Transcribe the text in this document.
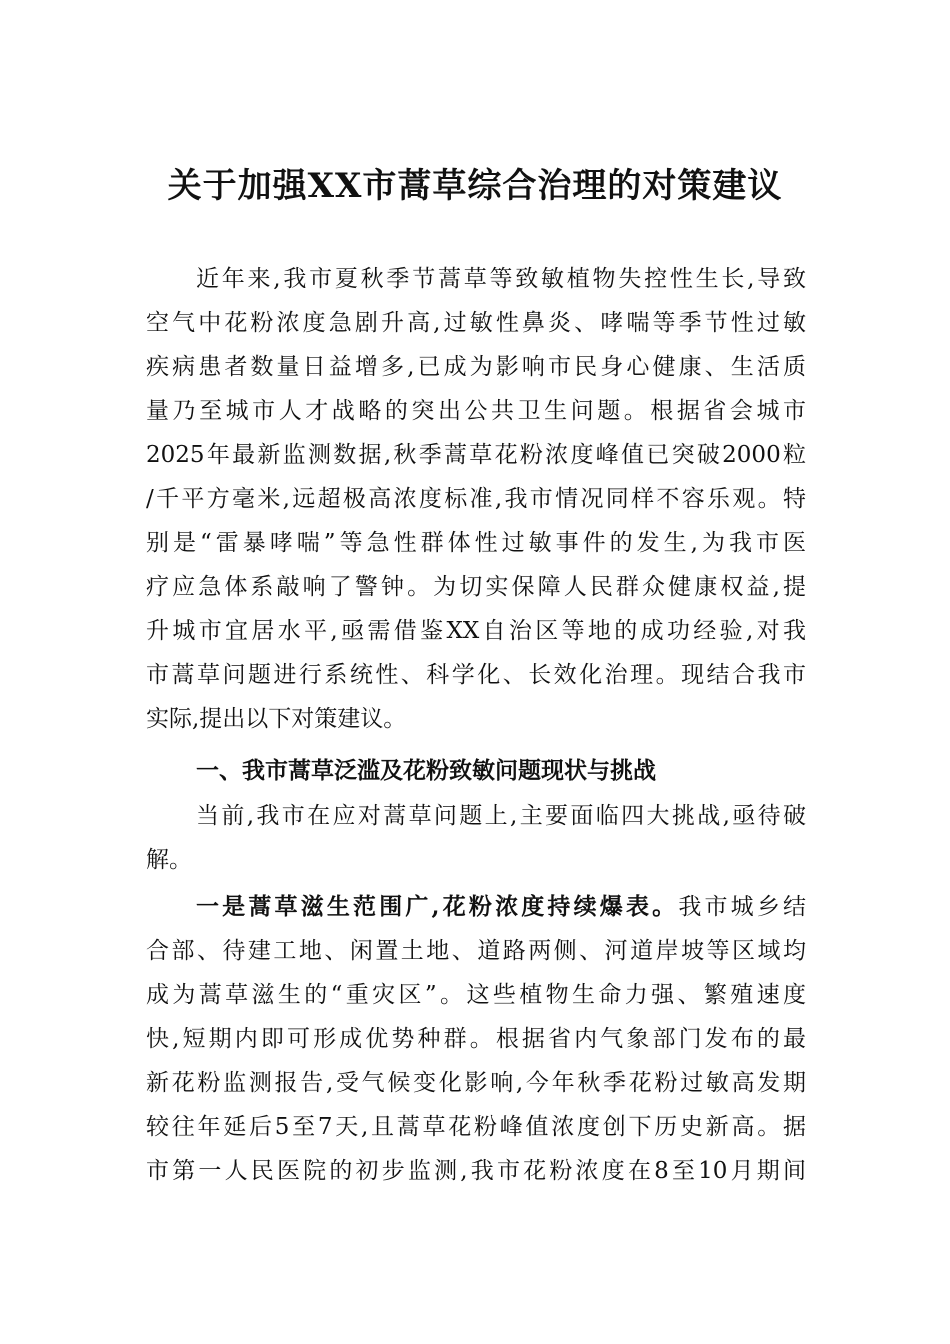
关于加强XX市蒿草综合治理的对策建议
近年来,我市夏秋季节蒿草等致敏植物失控性生长,导致
空气中花粉浓度急剧升高,过敏性鼻炎、哮喘等季节性过敏
疾病患者数量日益增多,已成为影响市民身心健康、生活质
量乃至城市人才战略的突出公共卫生问题。根据省会城市
2025年最新监测数据,秋季蒿草花粉浓度峰值已突破2000粒
/千平方毫米,远超极高浓度标准,我市情况同样不容乐观。特
别是“雷暴哮喘”等急性群体性过敏事件的发生,为我市医
疗应急体系敲响了警钟。为切实保障人民群众健康权益,提
升城市宜居水平,亟需借鉴XX自治区等地的成功经验,对我
市蒿草问题进行系统性、科学化、长效化治理。现结合我市
实际,提出以下对策建议。
一、我市蒿草泛滥及花粉致敏问题现状与挑战
当前,我市在应对蒿草问题上,主要面临四大挑战,亟待破
解。
一是蒿草滋生范围广,花粉浓度持续爆表。我市城乡结
合部、待建工地、闲置土地、道路两侧、河道岸坡等区域均
成为蒿草滋生的“重灾区”。这些植物生命力强、繁殖速度
快,短期内即可形成优势种群。根据省内气象部门发布的最
新花粉监测报告,受气候变化影响,今年秋季花粉过敏高发期
较往年延后5至7天,且蒿草花粉峰值浓度创下历史新高。据
市第一人民医院的初步监测,我市花粉浓度在8至10月期间
